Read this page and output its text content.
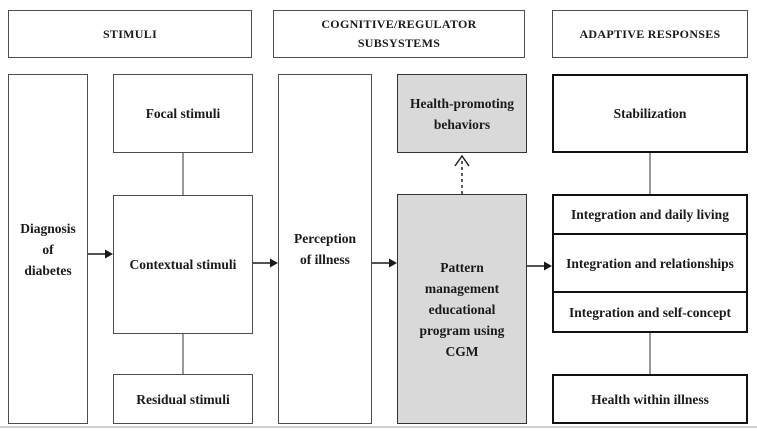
STIMULI
COGNITIVE/REGULATOR
SUBSYSTEMS
ADAPTIVE RESPONSES
Diagnosis
of
diabetes
Focal stimuli
Contextual stimuli
Residual stimuli
Perception
of illness
Health-promoting
behaviors
Pattern
management
educational
program using
CGM
Stabilization
Integration and daily living
Integration and relationships
Integration and self-concept
Health within illness
